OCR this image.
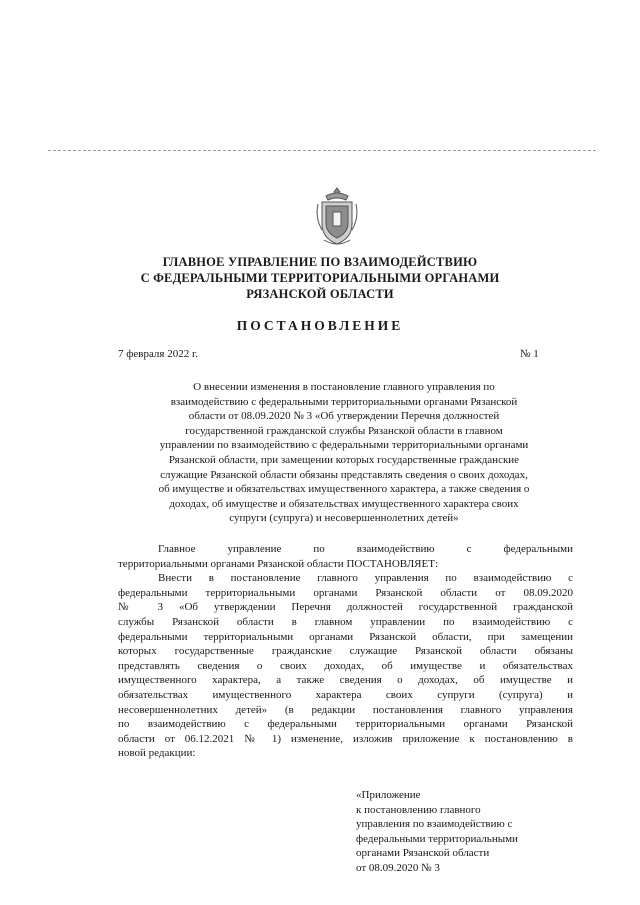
ГЛАВНОЕ УПРАВЛЕНИЕ ПО ВЗАИМОДЕЙСТВИЮ
С ФЕДЕРАЛЬНЫМИ ТЕРРИТОРИАЛЬНЫМИ ОРГАНАМИ
РЯЗАНСКОЙ ОБЛАСТИ
ПОСТАНОВЛЕНИЕ
7 февраля 2022 г.	№ 1
О внесении изменения в постановление главного управления по
взаимодействию с федеральными территориальными органами Рязанской
области от 08.09.2020 № 3 «Об утверждении Перечня должностей
государственной гражданской службы Рязанской области в главном
управлении по взаимодействию с федеральными территориальными органами
Рязанской области, при замещении которых государственные гражданские
служащие Рязанской области обязаны представлять сведения о своих доходах,
об имуществе и обязательствах имущественного характера, а также сведения о
доходах, об имуществе и обязательствах имущественного характера своих
супруги (супруга) и несовершеннолетних детей»
Главное управление по взаимодействию с федеральными
территориальными органами Рязанской области ПОСТАНОВЛЯЕТ:
Внести в постановление главного управления по взаимодействию с
федеральными территориальными органами Рязанской области от 08.09.2020
№ 3 «Об утверждении Перечня должностей государственной гражданской
службы Рязанской области в главном управлении по взаимодействию с
федеральными территориальными органами Рязанской области, при замещении
которых государственные гражданские служащие Рязанской области обязаны
представлять сведения о своих доходах, об имуществе и обязательствах
имущественного характера, а также сведения о доходах, об имуществе и
обязательствах имущественного характера своих супруги (супруга) и
несовершеннолетних детей» (в редакции постановления главного управления
по взаимодействию с федеральными территориальными органами Рязанской
области от 06.12.2021 № 1) изменение, изложив приложение к постановлению в
новой редакции:
«Приложение
к постановлению главного
управления по взаимодействию с
федеральными территориальными
органами Рязанской области
от 08.09.2020 № 3
